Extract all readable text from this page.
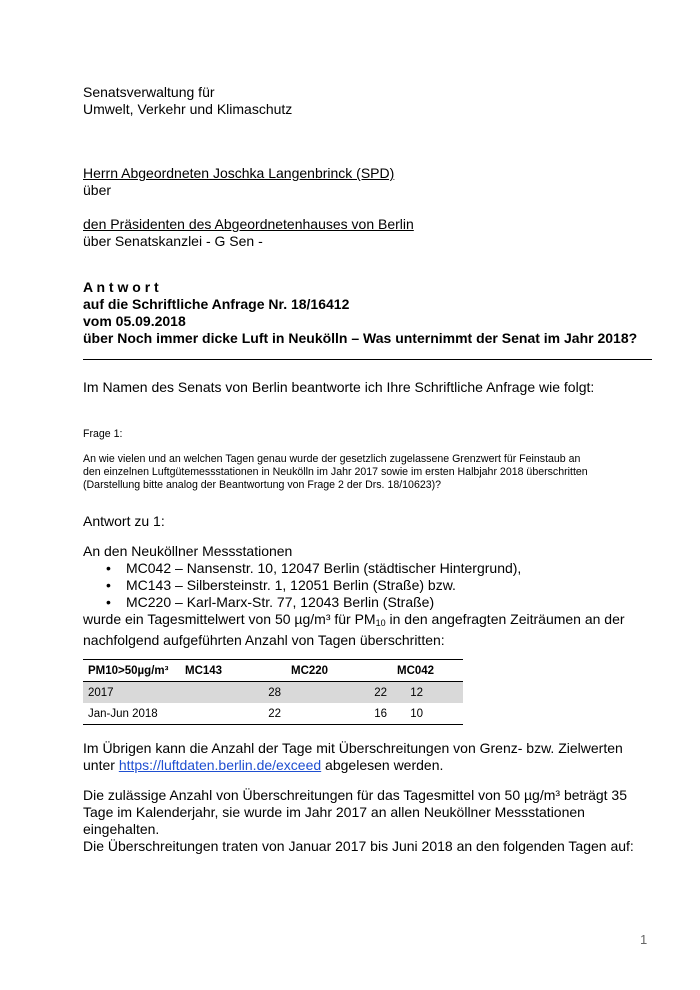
Senatsverwaltung für
Umwelt, Verkehr und Klimaschutz
Herrn Abgeordneten Joschka Langenbrinck (SPD)
über
den Präsidenten des Abgeordnetenhauses von Berlin
über Senatskanzlei - G Sen -
A n t w o r t
auf die Schriftliche Anfrage Nr. 18/16412
vom 05.09.2018
über Noch immer dicke Luft in Neukölln – Was unternimmt der Senat im Jahr 2018?
Im Namen des Senats von Berlin beantworte ich Ihre Schriftliche Anfrage wie folgt:
Frage 1:
An wie vielen und an welchen Tagen genau wurde der gesetzlich zugelassene Grenzwert für Feinstaub an
den einzelnen Luftgütemessstationen in Neukölln im Jahr 2017 sowie im ersten Halbjahr 2018 überschritten
(Darstellung bitte analog der Beantwortung von Frage 2 der Drs. 18/10623)?
Antwort zu 1:
An den Neuköllner Messstationen
• MC042 – Nansenstr. 10, 12047 Berlin (städtischer Hintergrund),
• MC143 – Silbersteinstr. 1, 12051 Berlin (Straße) bzw.
• MC220 – Karl-Marx-Str. 77, 12043 Berlin (Straße)
wurde ein Tagesmittelwert von 50 µg/m³ für $PM_{10}$ in den angefragten Zeiträumen an der
nachfolgend aufgeführten Anzahl von Tagen überschritten:
PM10>50µg/m³	MC143	MC220	MC042
2017	28	22	12
Jan-Jun 2018	22	16	10
Im Übrigen kann die Anzahl der Tage mit Überschreitungen von Grenz- bzw. Zielwerten
unter https://luftdaten.berlin.de/exceed abgelesen werden.
Die zulässige Anzahl von Überschreitungen für das Tagesmittel von 50 µg/m³ beträgt 35
Tage im Kalenderjahr, sie wurde im Jahr 2017 an allen Neuköllner Messstationen
eingehalten.
Die Überschreitungen traten von Januar 2017 bis Juni 2018 an den folgenden Tagen auf:
1
